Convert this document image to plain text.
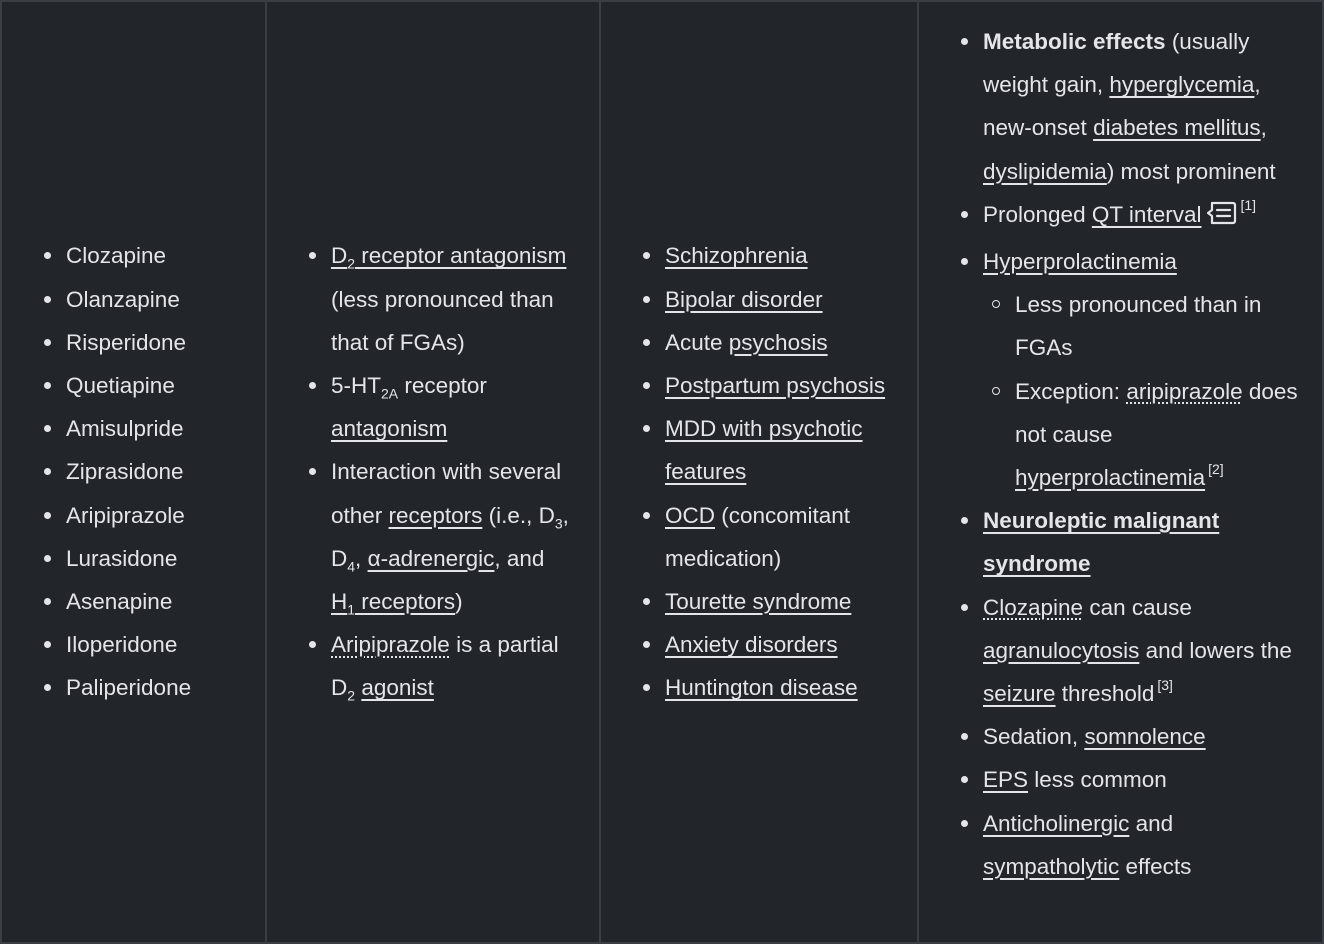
Clozapine
Olanzapine
Risperidone
Quetiapine
Amisulpride
Ziprasidone
Aripiprazole
Lurasidone
Asenapine
Iloperidone
Paliperidone
$D_2$ receptor antagonism (less pronounced than that of FGAs)
$5-HT_{2A}$ receptor antagonism
Interaction with several other receptors (i.e., $D_3$, $D_4$, α-adrenergic, and $H_1$ receptors)
Aripiprazole is a partial $D_2$ agonist
Schizophrenia
Bipolar disorder
Acute psychosis
Postpartum psychosis
MDD with psychotic features
OCD (concomitant medication)
Tourette syndrome
Anxiety disorders
Huntington disease
Metabolic effects (usually weight gain, hyperglycemia, new-onset diabetes mellitus, dyslipidemia) most prominent
Prolonged QT interval	[1]
Hyperprolactinemia
Less pronounced than in FGAs
Exception: aripiprazole does not cause hyperprolactinemia [2]
Neuroleptic malignant syndrome
Clozapine can cause agranulocytosis and lowers the seizure threshold [3]
Sedation, somnolence
EPS less common
Anticholinergic and sympatholytic effects
